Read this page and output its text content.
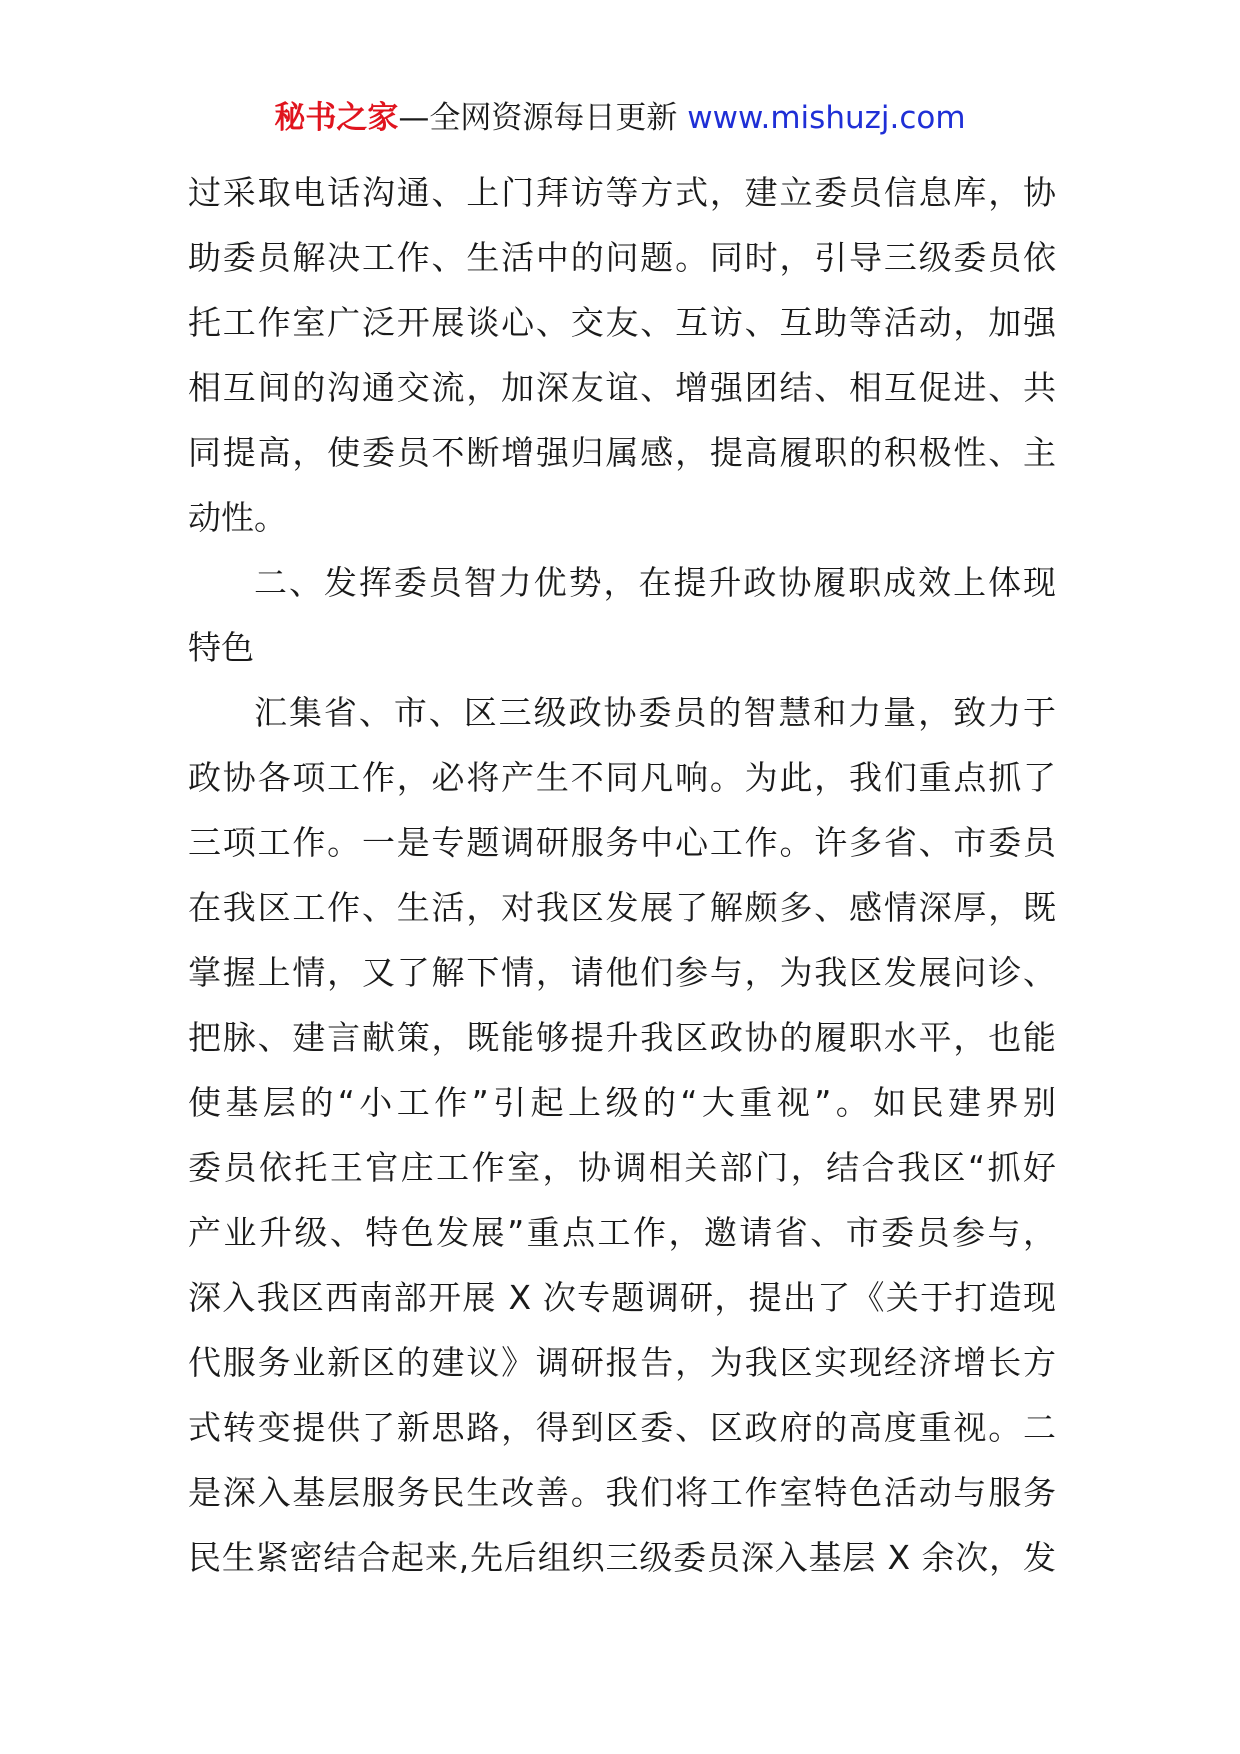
秘书之家—全网资源每日更新 www.mishuzj.com
过采取电话沟通、上门拜访等方式，建立委员信息库，协
助委员解决工作、生活中的问题。同时，引导三级委员依
托工作室广泛开展谈心、交友、互访、互助等活动，加强
相互间的沟通交流，加深友谊、增强团结、相互促进、共
同提高，使委员不断增强归属感，提高履职的积极性、主
动性。
二、发挥委员智力优势，在提升政协履职成效上体现
特色
汇集省、市、区三级政协委员的智慧和力量，致力于
政协各项工作，必将产生不同凡响。为此，我们重点抓了
三项工作。一是专题调研服务中心工作。许多省、市委员
在我区工作、生活，对我区发展了解颇多、感情深厚，既
掌握上情，又了解下情，请他们参与，为我区发展问诊、
把脉、建言献策，既能够提升我区政协的履职水平，也能
使基层的“小工作”引起上级的“大重视”。如民建界别
委员依托王官庄工作室，协调相关部门，结合我区“抓好
产业升级、特色发展”重点工作，邀请省、市委员参与，
深入我区西南部开展 X 次专题调研，提出了《关于打造现
代服务业新区的建议》调研报告，为我区实现经济增长方
式转变提供了新思路，得到区委、区政府的高度重视。二
是深入基层服务民生改善。我们将工作室特色活动与服务
民生紧密结合起来,先后组织三级委员深入基层 X 余次，发
